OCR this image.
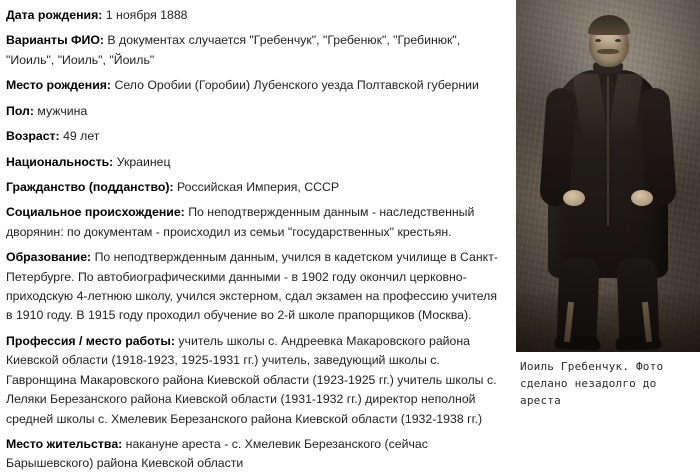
Дата рождения: 1 ноября 1888

Варианты ФИО: В документах случается "Гребенчук", "Гребенюк", "Гребинюк", "Иоиль", "Иоиль", "Йоиль"

Место рождения: Село Оробии (Горобии) Лубенского уезда Полтавской губернии

Пол: мужчина

Возраст: 49 лет

Национальность: Украинец

Гражданство (подданство): Российская Империя, СССР

Социальное происхождение: По неподтвержденным данным - наследственный дворянин: по документам - происходил из семьи "государственных" крестьян.

Образование: По неподтвержденным данным, учился в кадетском училище в Санкт-Петербурге. По автобиографическими данными - в 1902 году окончил церковно-приходскую 4-летнюю школу, учился экстерном, сдал экзамен на профессию учителя в 1910 году. В 1915 году проходил обучение во 2-й школе прапорщиков (Москва).

Профессия / место работы: учитель школы с. Андреевка Макаровского района Киевской области (1918-1923, 1925-1931 гг.) учитель, заведующий школы с. Гавронщина Макаровского района Киевской области (1923-1925 гг.) учитель школы с. Леляки Березанского района Киевской области (1931-1932 гг.) директор неполной средней школы с. Хмелевик Березанского района Киевской области (1932-1938 гг.)

Место жительства: накануне ареста - с. Хмелевик Березанского (сейчас Барышевского) района Киевской области

Иоиль Гребенчук. Фото сделано незадолго до ареста
